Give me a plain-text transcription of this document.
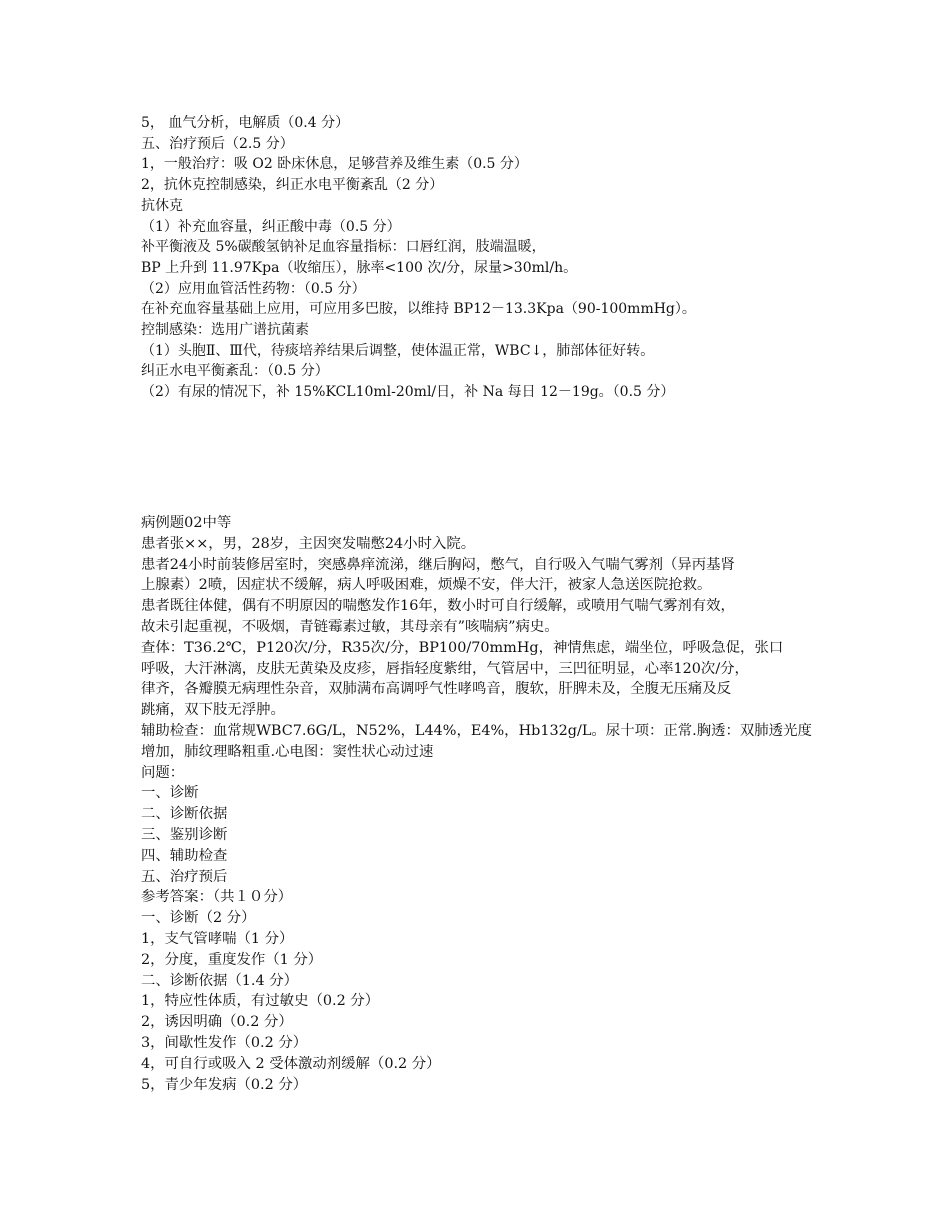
5， 血气分析，电解质（0.4 分）
五、治疗预后（2.5 分）
1，一般治疗：吸 O2 卧床休息，足够营养及维生素（0.5 分）
2，抗休克控制感染，纠正水电平衡紊乱（2 分）
抗休克
（1）补充血容量，纠正酸中毒（0.5 分）
补平衡液及 5%碳酸氢钠补足血容量指标：口唇红润，肢端温暖，
BP 上升到 11.97Kpa（收缩压），脉率<100 次/分，尿量>30ml/h。
（2）应用血管活性药物：（0.5 分）
在补充血容量基础上应用，可应用多巴胺，以维持 BP12－13.3Kpa（90-100mmHg）。
控制感染：选用广谱抗菌素
（1）头胞Ⅱ、Ⅲ代，待痰培养结果后调整，使体温正常，WBC↓，肺部体征好转。
纠正水电平衡紊乱：（0.5 分）
（2）有尿的情况下，补 15%KCL10ml-20ml/日，补 Na 每日 12－19g。（0.5 分）
病例题02中等
患者张××，男，28岁，主因突发喘憋24小时入院。
患者24小时前装修居室时，突感鼻痒流涕，继后胸闷，憋气，自行吸入气喘气雾剂（异丙基肾
上腺素）2喷，因症状不缓解，病人呼吸困难，烦燥不安，伴大汗，被家人急送医院抢救。
患者既往体健，偶有不明原因的喘憋发作16年，数小时可自行缓解，或喷用气喘气雾剂有效，
故未引起重视，不吸烟，青链霉素过敏，其母亲有”咳喘病”病史。
查体：T36.2℃，P120次/分，R35次/分，BP100/70mmHg，神情焦虑，端坐位，呼吸急促，张口
呼吸，大汗淋漓，皮肤无黄染及皮疹，唇指轻度紫绀，气管居中，三凹征明显，心率120次/分，
律齐，各瓣膜无病理性杂音，双肺满布高调呼气性哮鸣音，腹软，肝脾未及，全腹无压痛及反
跳痛，双下肢无浮肿。
辅助检查：血常规WBC7.6G/L，N52%，L44%，E4%，Hb132g/L。尿十项：正常.胸透：双肺透光度
增加，肺纹理略粗重.心电图：窦性状心动过速
问题：
一、诊断
二、诊断依据
三、鉴别诊断
四、辅助检查
五、治疗预后
参考答案：（共１０分）
一、诊断（2 分）
1，支气管哮喘（1 分）
2，分度，重度发作（1 分）
二、诊断依据（1.4 分）
1，特应性体质，有过敏史（0.2 分）
2，诱因明确（0.2 分）
3，间歇性发作（0.2 分）
4，可自行或吸入 2 受体激动剂缓解（0.2 分）
5，青少年发病（0.2 分）
